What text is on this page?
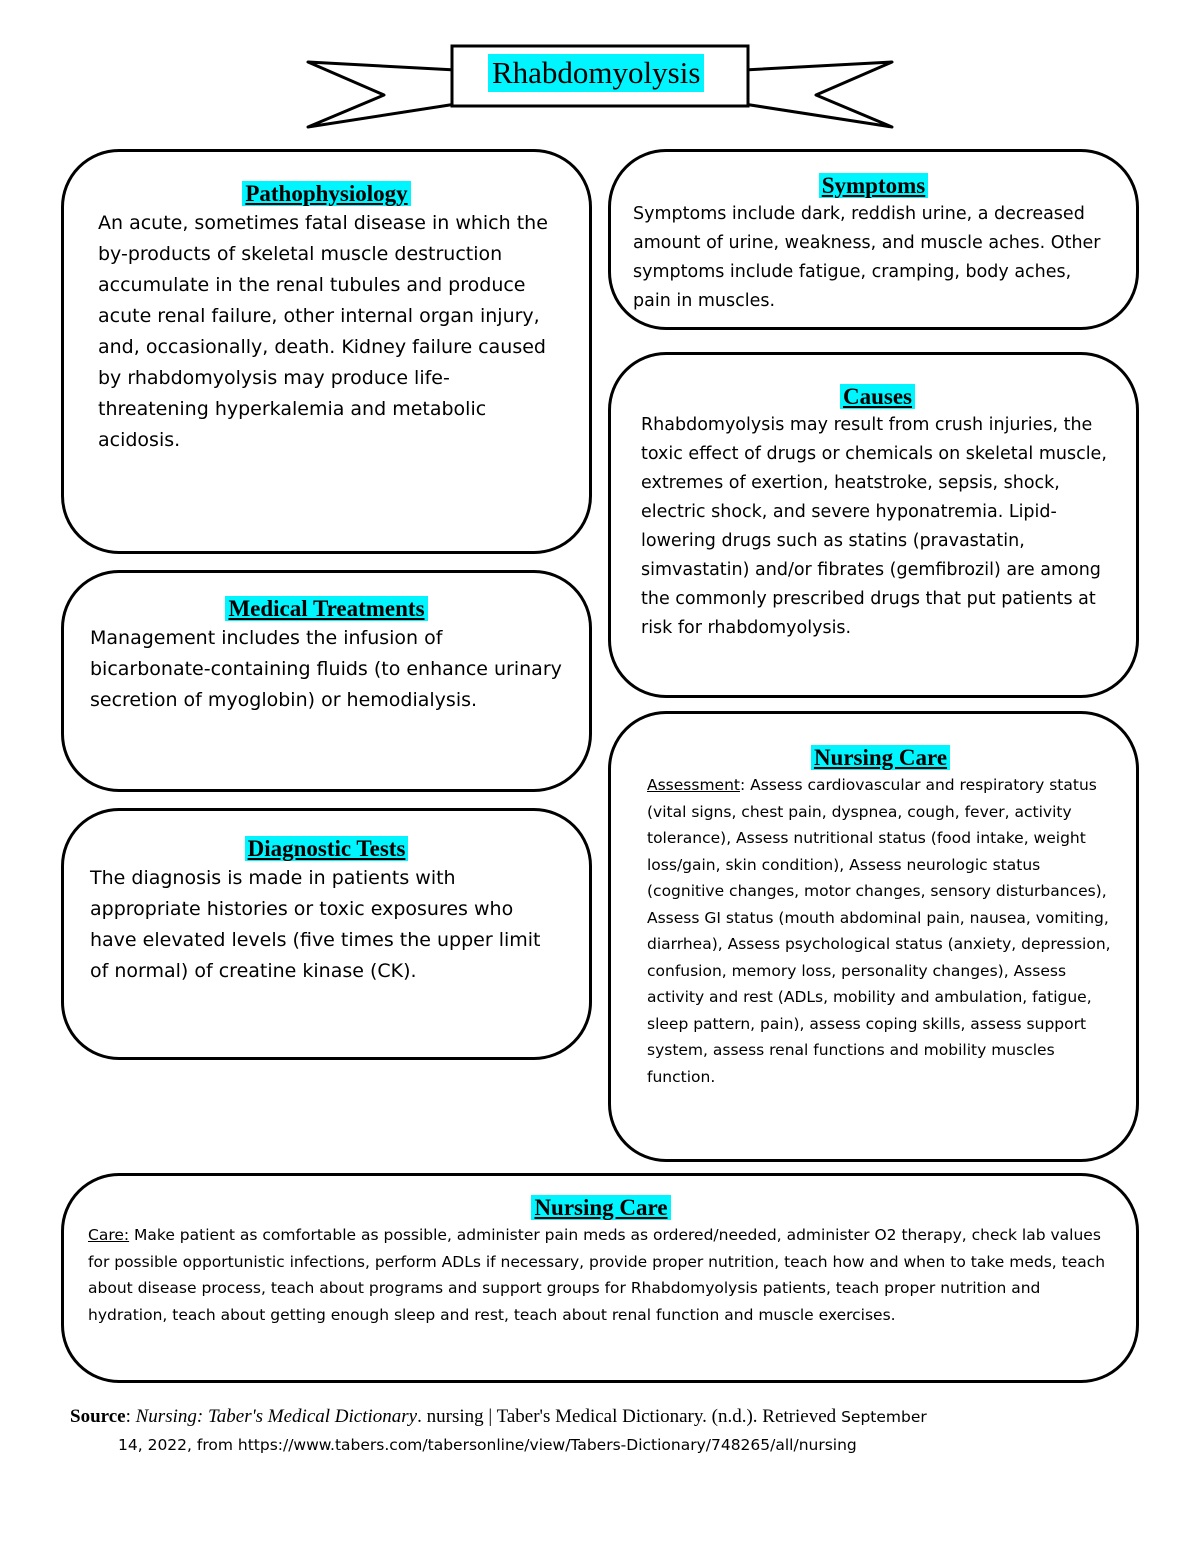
Rhabdomyolysis
Pathophysiology
An acute, sometimes fatal disease in which the by-products of skeletal muscle destruction accumulate in the renal tubules and produce acute renal failure, other internal organ injury, and, occasionally, death. Kidney failure caused by rhabdomyolysis may produce life-threatening hyperkalemia and metabolic acidosis.
Symptoms
Symptoms include dark, reddish urine, a decreased amount of urine, weakness, and muscle aches. Other symptoms include fatigue, cramping, body aches, pain in muscles.
Causes
Rhabdomyolysis may result from crush injuries, the toxic effect of drugs or chemicals on skeletal muscle, extremes of exertion, heatstroke, sepsis, shock, electric shock, and severe hyponatremia. Lipid-lowering drugs such as statins (pravastatin, simvastatin) and/or fibrates (gemfibrozil) are among the commonly prescribed drugs that put patients at risk for rhabdomyolysis.
Medical Treatments
Management includes the infusion of bicarbonate-containing fluids (to enhance urinary secretion of myoglobin) or hemodialysis.
Diagnostic Tests
The diagnosis is made in patients with appropriate histories or toxic exposures who have elevated levels (five times the upper limit of normal) of creatine kinase (CK).
Nursing Care
Assessment: Assess cardiovascular and respiratory status (vital signs, chest pain, dyspnea, cough, fever, activity tolerance), Assess nutritional status (food intake, weight loss/gain, skin condition), Assess neurologic status (cognitive changes, motor changes, sensory disturbances), Assess GI status (mouth abdominal pain, nausea, vomiting, diarrhea), Assess psychological status (anxiety, depression, confusion, memory loss, personality changes), Assess activity and rest (ADLs, mobility and ambulation, fatigue, sleep pattern, pain), assess coping skills, assess support system, assess renal functions and mobility muscles function.
Nursing Care
Care: Make patient as comfortable as possible, administer pain meds as ordered/needed, administer O2 therapy, check lab values for possible opportunistic infections, perform ADLs if necessary, provide proper nutrition, teach how and when to take meds, teach about disease process, teach about programs and support groups for Rhabdomyolysis patients, teach proper nutrition and hydration, teach about getting enough sleep and rest, teach about renal function and muscle exercises.
Source: Nursing: Taber's Medical Dictionary. nursing | Taber's Medical Dictionary. (n.d.). Retrieved September
14, 2022, from https://www.tabers.com/tabersonline/view/Tabers-Dictionary/748265/all/nursing
